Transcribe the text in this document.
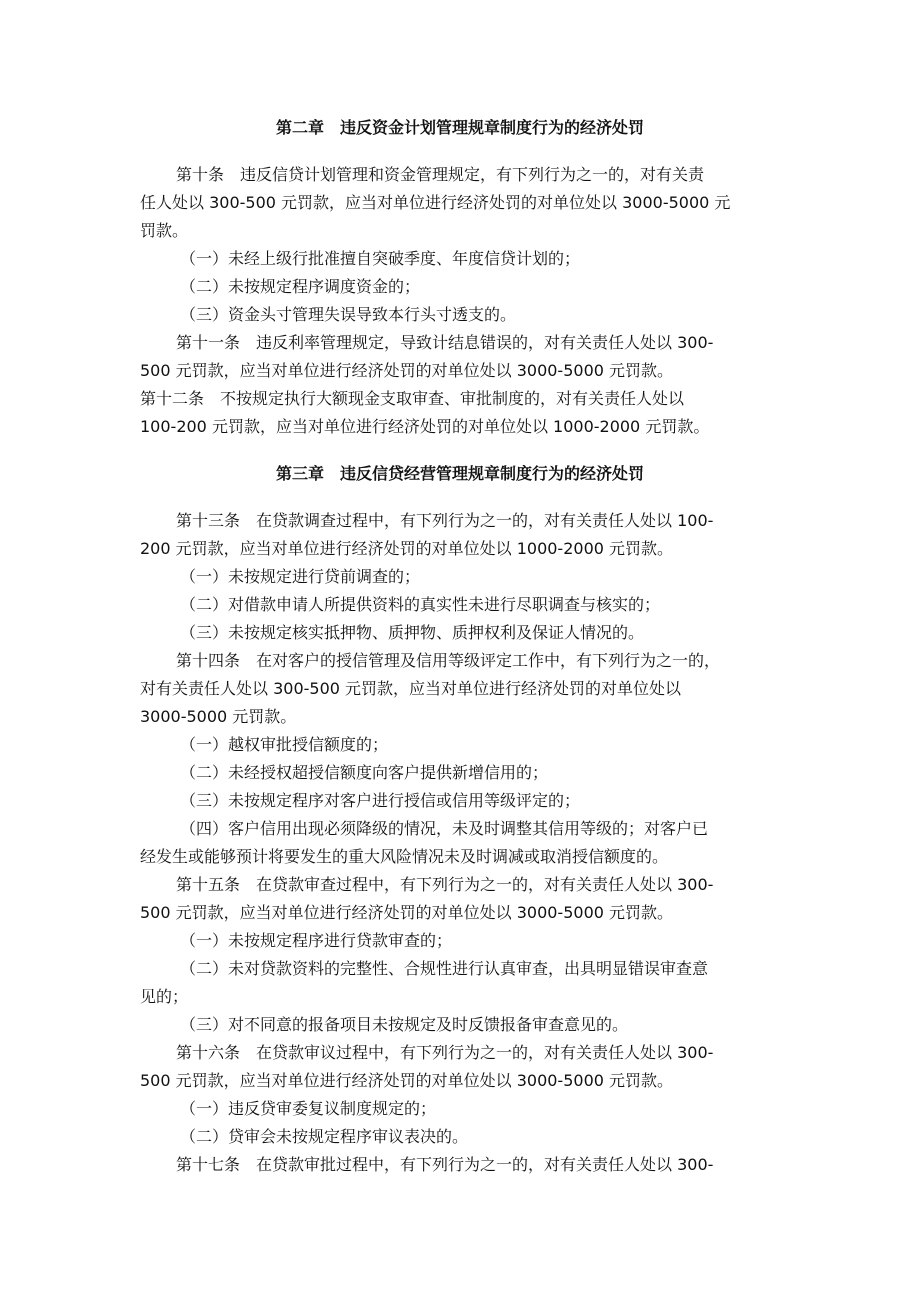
第二章　违反资金计划管理规章制度行为的经济处罚
第十条 违反信贷计划管理和资金管理规定，有下列行为之一的，对有关责
任人处以 300-500 元罚款，应当对单位进行经济处罚的对单位处以 3000-5000 元
罚款。
（一）未经上级行批准擅自突破季度、年度信贷计划的；
（二）未按规定程序调度资金的；
（三）资金头寸管理失误导致本行头寸透支的。
第十一条 违反利率管理规定，导致计结息错误的，对有关责任人处以 300-
500 元罚款，应当对单位进行经济处罚的对单位处以 3000-5000 元罚款。
第十二条 不按规定执行大额现金支取审查、审批制度的，对有关责任人处以
100-200 元罚款，应当对单位进行经济处罚的对单位处以 1000-2000 元罚款。
第三章　违反信贷经营管理规章制度行为的经济处罚
第十三条 在贷款调查过程中，有下列行为之一的，对有关责任人处以 100-
200 元罚款，应当对单位进行经济处罚的对单位处以 1000-2000 元罚款。
（一）未按规定进行贷前调查的；
（二）对借款申请人所提供资料的真实性未进行尽职调查与核实的；
（三）未按规定核实抵押物、质押物、质押权利及保证人情况的。
第十四条 在对客户的授信管理及信用等级评定工作中，有下列行为之一的，
对有关责任人处以 300-500 元罚款，应当对单位进行经济处罚的对单位处以
3000-5000 元罚款。
（一）越权审批授信额度的；
（二）未经授权超授信额度向客户提供新增信用的；
（三）未按规定程序对客户进行授信或信用等级评定的；
（四）客户信用出现必须降级的情况，未及时调整其信用等级的；对客户已
经发生或能够预计将要发生的重大风险情况未及时调减或取消授信额度的。
第十五条 在贷款审查过程中，有下列行为之一的，对有关责任人处以 300-
500 元罚款，应当对单位进行经济处罚的对单位处以 3000-5000 元罚款。
（一）未按规定程序进行贷款审查的；
（二）未对贷款资料的完整性、合规性进行认真审查，出具明显错误审查意
见的；
（三）对不同意的报备项目未按规定及时反馈报备审查意见的。
第十六条 在贷款审议过程中，有下列行为之一的，对有关责任人处以 300-
500 元罚款，应当对单位进行经济处罚的对单位处以 3000-5000 元罚款。
（一）违反贷审委复议制度规定的；
（二）贷审会未按规定程序审议表决的。
第十七条 在贷款审批过程中，有下列行为之一的，对有关责任人处以 300-
